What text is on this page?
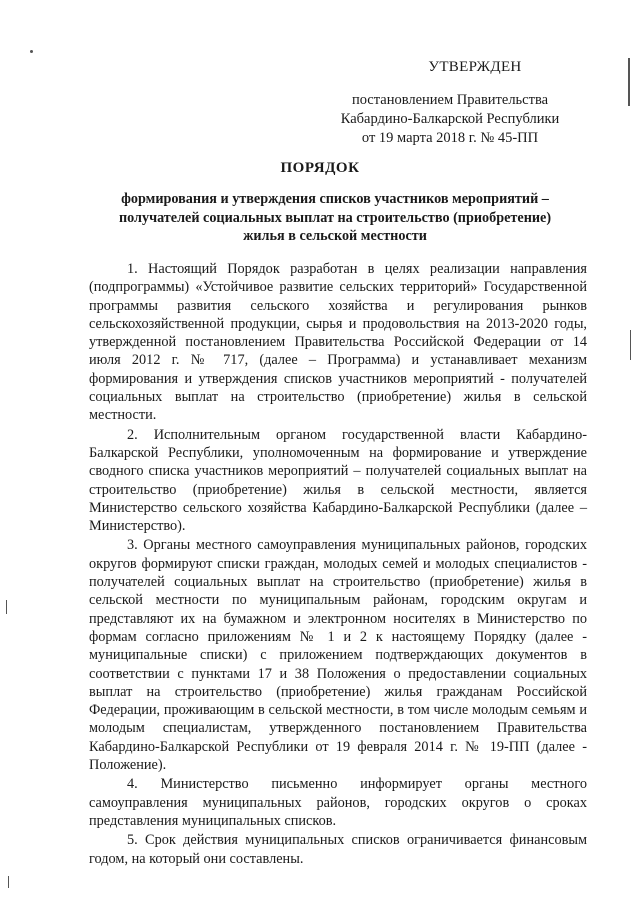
УТВЕРЖДЕН
постановлением Правительства
Кабардино-Балкарской Республики
от 19 марта 2018 г. № 45-ПП
ПОРЯДОК
формирования и утверждения списков участников мероприятий –
получателей социальных выплат на строительство (приобретение)
жилья в сельской местности

1. Настоящий Порядок разработан в целях реализации направления (подпрограммы) «Устойчивое развитие сельских территорий» Государственной программы развития сельского хозяйства и регулирования рынков сельскохозяйственной продукции, сырья и продовольствия на 2013-2020 годы, утвержденной постановлением Правительства Российской Федерации от 14 июля 2012 г. № 717, (далее – Программа) и устанавливает механизм формирования и утверждения списков участников мероприятий - получателей социальных выплат на строительство (приобретение) жилья в сельской местности.

2. Исполнительным органом государственной власти Кабардино-Балкарской Республики, уполномоченным на формирование и утверждение сводного списка участников мероприятий – получателей социальных выплат на строительство (приобретение) жилья в сельской местности, является Министерство сельского хозяйства Кабардино-Балкарской Республики (далее – Министерство).

3. Органы местного самоуправления муниципальных районов, городских округов формируют списки граждан, молодых семей и молодых специалистов - получателей социальных выплат на строительство (приобретение) жилья в сельской местности по муниципальным районам, городским округам и представляют их на бумажном и электронном носителях в Министерство по формам согласно приложениям № 1 и 2 к настоящему Порядку (далее - муниципальные списки) с приложением подтверждающих документов в соответствии с пунктами 17 и 38 Положения о предоставлении социальных выплат на строительство (приобретение) жилья гражданам Российской Федерации, проживающим в сельской местности, в том числе молодым семьям и молодым специалистам, утвержденного постановлением Правительства Кабардино-Балкарской Республики от 19 февраля 2014 г. № 19-ПП (далее - Положение).

4. Министерство письменно информирует органы местного самоуправления муниципальных районов, городских округов о сроках представления муниципальных списков.

5. Срок действия муниципальных списков ограничивается финансовым годом, на который они составлены.
